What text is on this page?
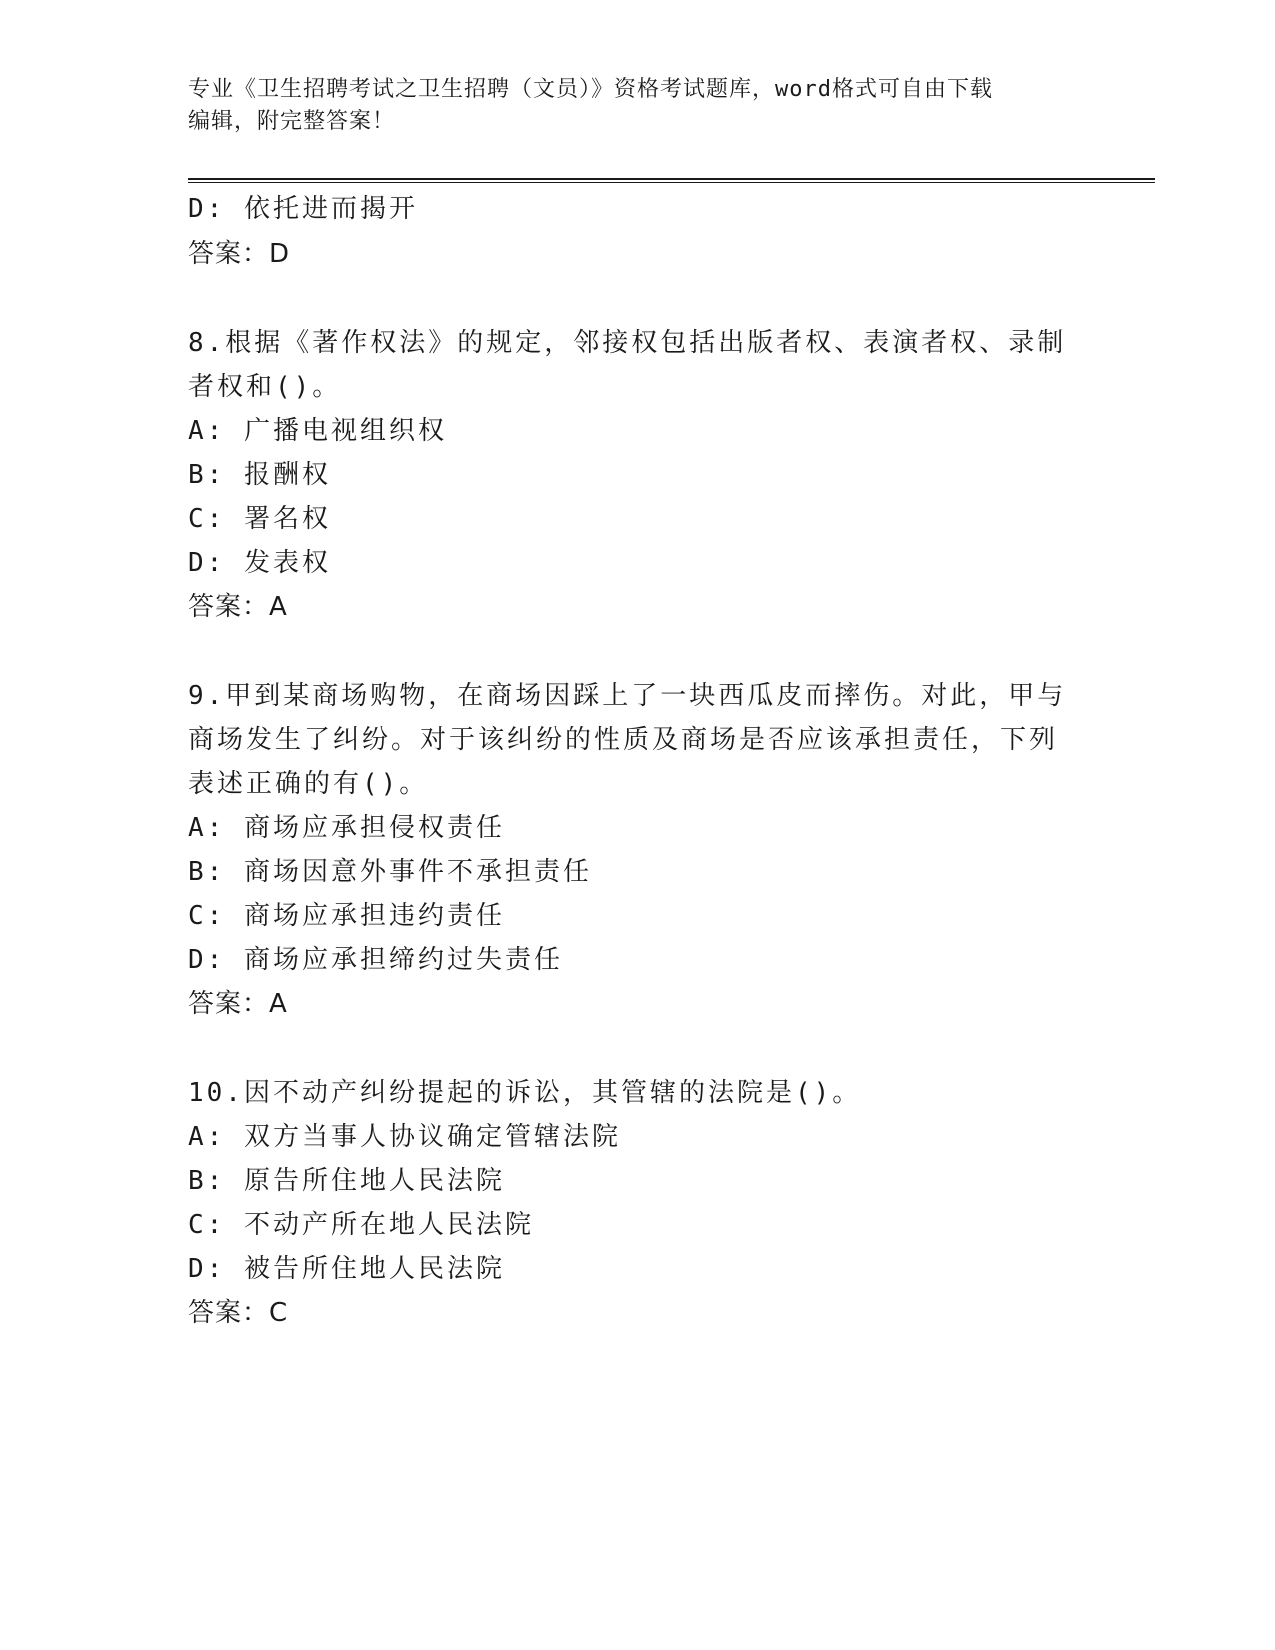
专业《卫生招聘考试之卫生招聘（文员）》资格考试题库，word格式可自由下载
编辑，附完整答案！
D: 依托进而揭开
答案：D
8.根据《著作权法》的规定，邻接权包括出版者权、表演者权、录制
者权和()。
A: 广播电视组织权
B: 报酬权
C: 署名权
D: 发表权
答案：A
9.甲到某商场购物，在商场因踩上了一块西瓜皮而摔伤。对此，甲与
商场发生了纠纷。对于该纠纷的性质及商场是否应该承担责任，下列
表述正确的有()。
A: 商场应承担侵权责任
B: 商场因意外事件不承担责任
C: 商场应承担违约责任
D: 商场应承担缔约过失责任
答案：A
10.因不动产纠纷提起的诉讼，其管辖的法院是()。
A: 双方当事人协议确定管辖法院
B: 原告所住地人民法院
C: 不动产所在地人民法院
D: 被告所住地人民法院
答案：C
